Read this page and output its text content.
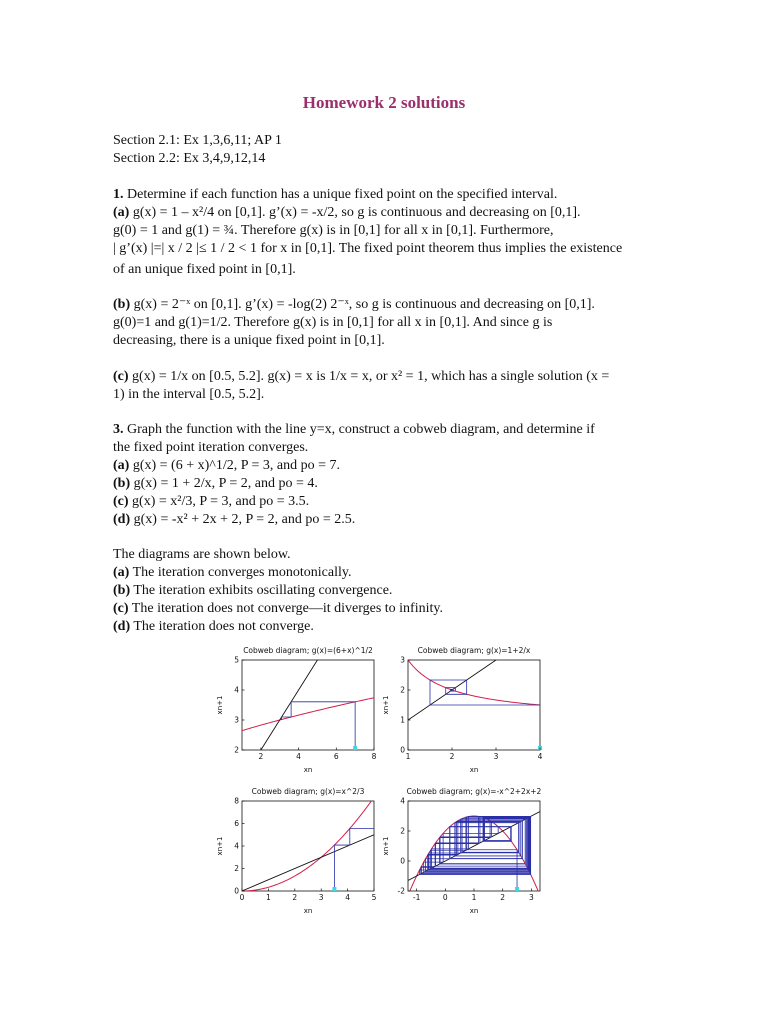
Homework 2 solutions
Section 2.1: Ex 1,3,6,11; AP 1
Section 2.2: Ex 3,4,9,12,14
1. Determine if each function has a unique fixed point on the specified interval.
(a) g(x) = 1 – x²/4 on [0,1]. g’(x) = -x/2, so g is continuous and decreasing on [0,1].
g(0) = 1 and g(1) = ¾. Therefore g(x) is in [0,1] for all x in [0,1]. Furthermore,
| g’(x) |=| x / 2 |≤ 1 / 2 < 1 for x in [0,1]. The fixed point theorem thus implies the existence
of an unique fixed point in [0,1].
(b) g(x) = 2⁻ˣ on [0,1]. g’(x) = -log(2) 2⁻ˣ, so g is continuous and decreasing on [0,1].
g(0)=1 and g(1)=1/2. Therefore g(x) is in [0,1] for all x in [0,1]. And since g is
decreasing, there is a unique fixed point in [0,1].
(c) g(x) = 1/x on [0.5, 5.2]. g(x) = x is 1/x = x, or x² = 1, which has a single solution (x =
1) in the interval [0.5, 5.2].
3. Graph the function with the line y=x, construct a cobweb diagram, and determine if
the fixed point iteration converges.
(a) g(x) = (6 + x)^1/2, P = 3, and po = 7.
(b) g(x) = 1 + 2/x, P = 2, and po = 4.
(c) g(x) = x²/3, P = 3, and po = 3.5.
(d) g(x) = -x² + 2x + 2, P = 2, and po = 2.5.
The diagrams are shown below.
(a) The iteration converges monotonically.
(b) The iteration exhibits oscillating convergence.
(c) The iteration does not converge—it diverges to infinity.
(d) The iteration does not converge.
Cobweb diagram; g(x)=(6+x)^1/2
2	4	6	8
2
3
4
5
xn
xn+1
Cobweb diagram; g(x)=1+2/x
1	2	3	4
0
1
2
3
xn
xn+1
Cobweb diagram; g(x)=x^2/3
0	1	2	3	4	5
0
2
4
6
8
xn
xn+1
Cobweb diagram; g(x)=-x^2+2x+2
-1	0	1	2	3
-2
0
2
4
xn
xn+1
